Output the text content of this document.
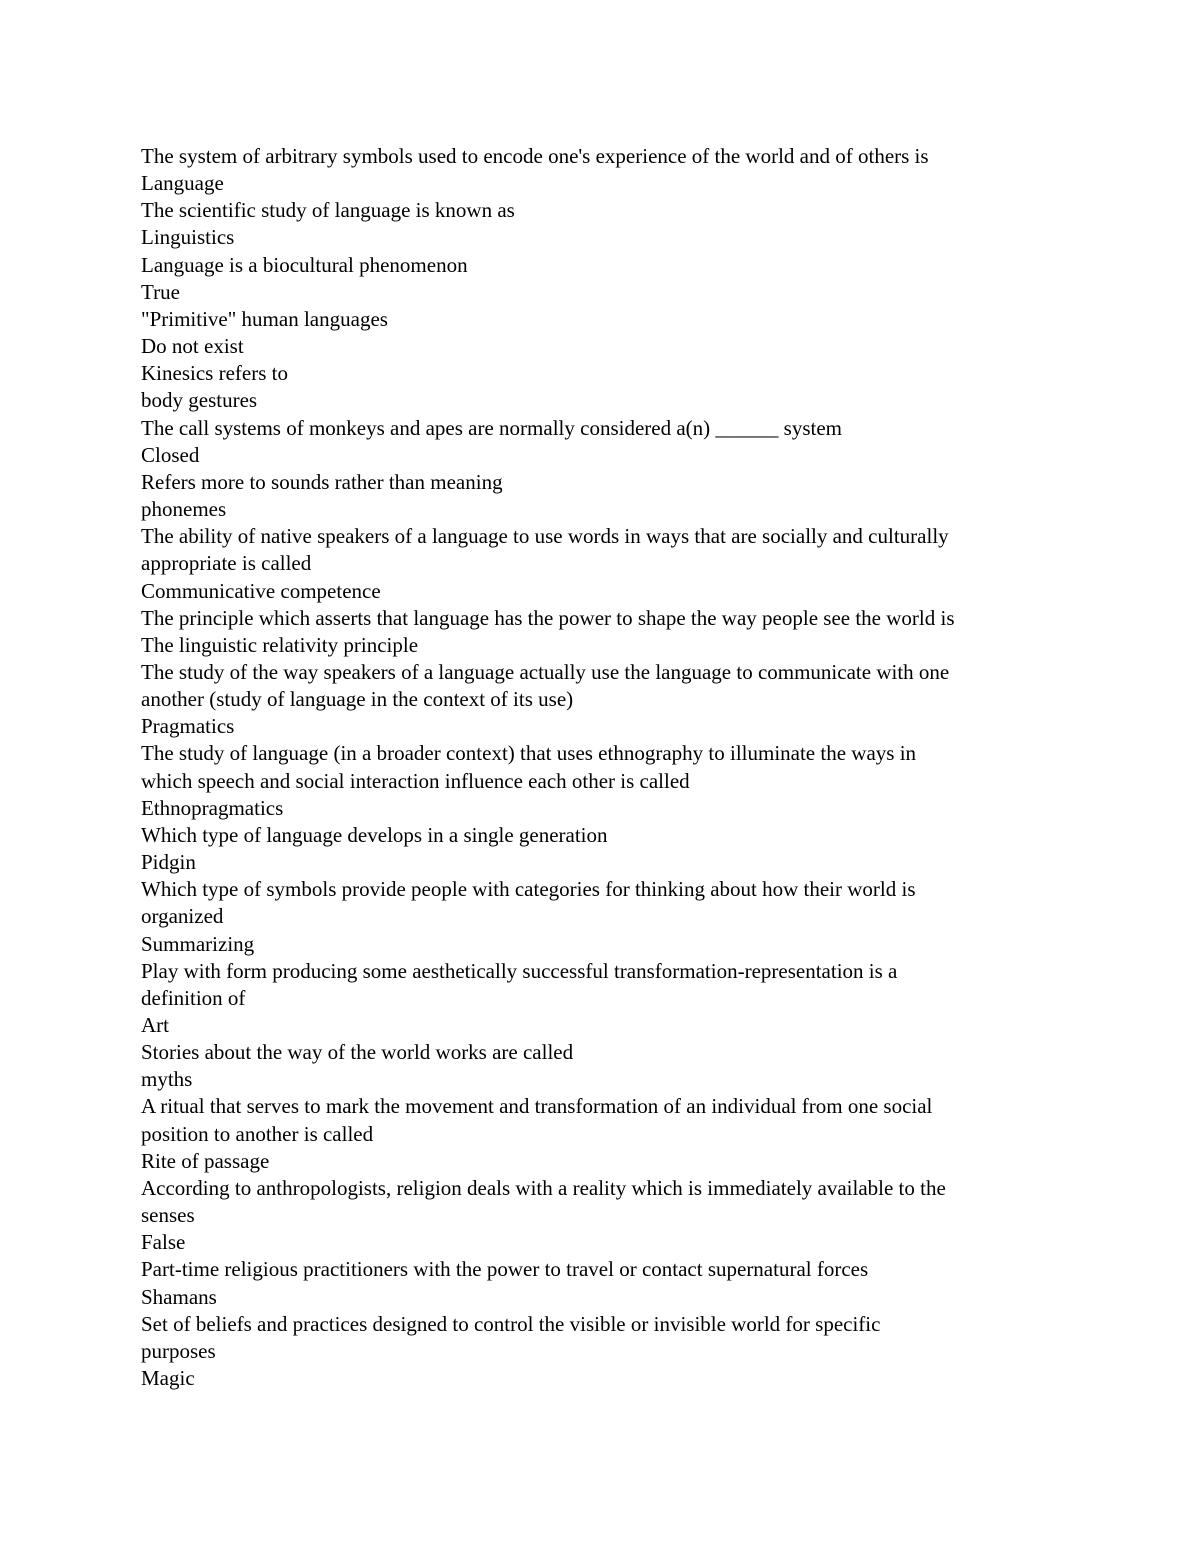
The system of arbitrary symbols used to encode one's experience of the world and of others is
Language
The scientific study of language is known as
Linguistics
Language is a biocultural phenomenon
True
"Primitive" human languages
Do not exist
Kinesics refers to
body gestures
The call systems of monkeys and apes are normally considered a(n) ______ system
Closed
Refers more to sounds rather than meaning
phonemes
The ability of native speakers of a language to use words in ways that are socially and culturally
appropriate is called
Communicative competence
The principle which asserts that language has the power to shape the way people see the world is
The linguistic relativity principle
The study of the way speakers of a language actually use the language to communicate with one
another (study of language in the context of its use)
Pragmatics
The study of language (in a broader context) that uses ethnography to illuminate the ways in
which speech and social interaction influence each other is called
Ethnopragmatics
Which type of language develops in a single generation
Pidgin
Which type of symbols provide people with categories for thinking about how their world is
organized
Summarizing
Play with form producing some aesthetically successful transformation-representation is a
definition of
Art
Stories about the way of the world works are called
myths
A ritual that serves to mark the movement and transformation of an individual from one social
position to another is called
Rite of passage
According to anthropologists, religion deals with a reality which is immediately available to the
senses
False
Part-time religious practitioners with the power to travel or contact supernatural forces
Shamans
Set of beliefs and practices designed to control the visible or invisible world for specific
purposes
Magic
